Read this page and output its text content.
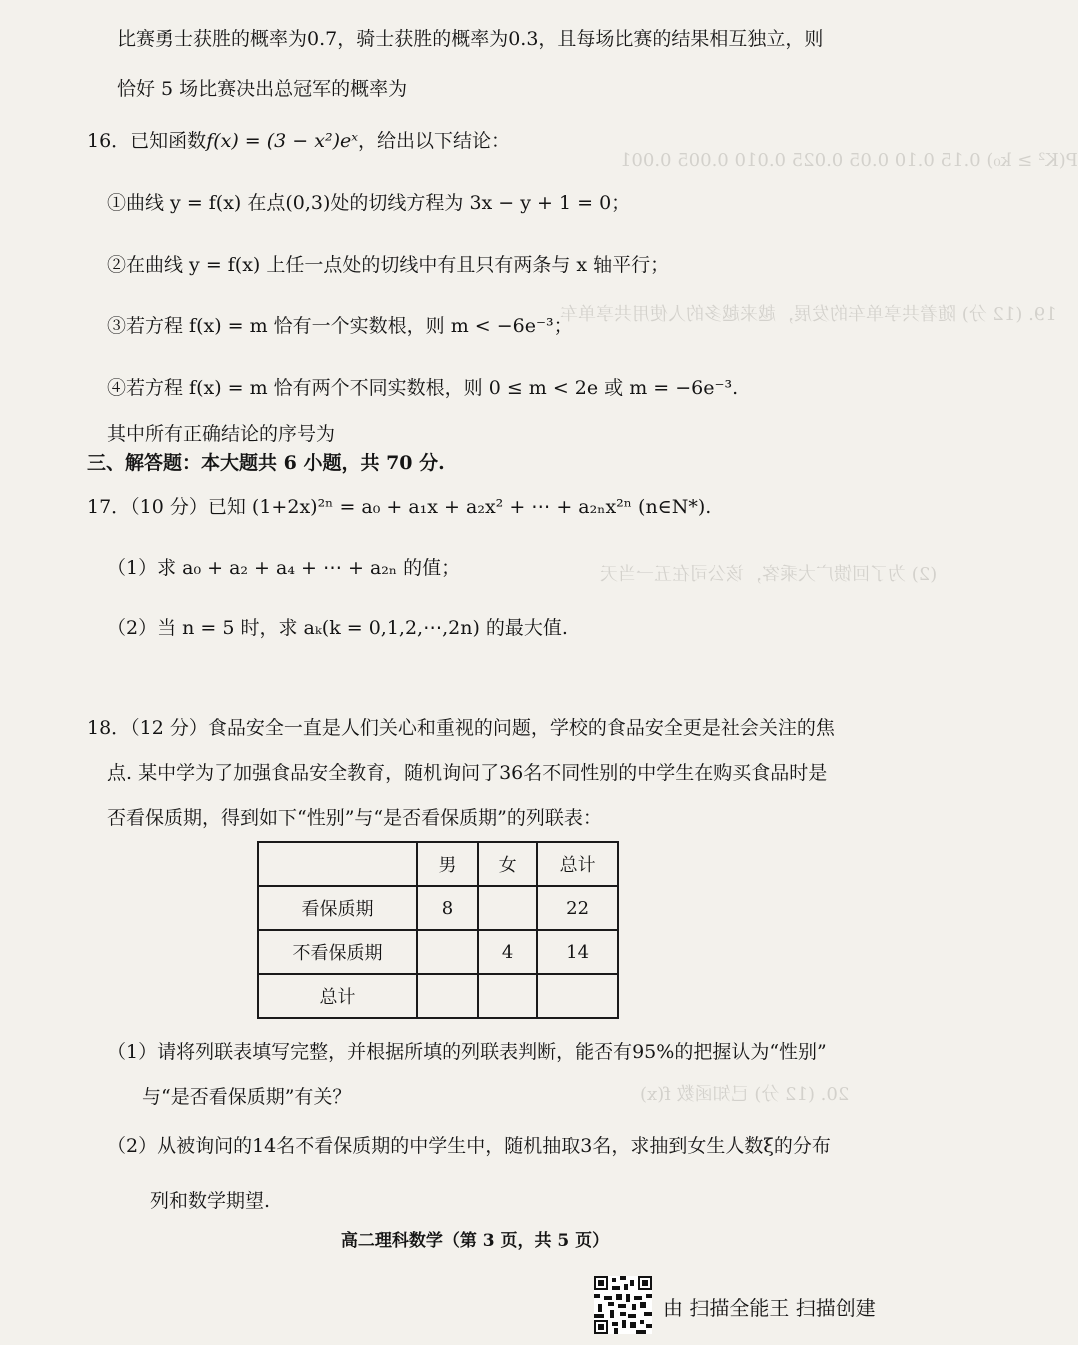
P(K² ≥ k₀) 0.15 0.10 0.05 0.025 0.010 0.005 0.001
19. (12 分) 随着共享单车的发展，越来越多的人使用共享单车
(2) 为了回馈广大乘客，该公司在五一当天
20. (12 分) 已知函数 f(x)
比赛勇士获胜的概率为0.7，骑士获胜的概率为0.3，且每场比赛的结果相互独立，则
恰好 5 场比赛决出总冠军的概率为
16．已知函数f(x) = (3 − x²)eˣ，给出以下结论：
①曲线 y = f(x) 在点(0,3)处的切线方程为 3x − y + 1 = 0；
②在曲线 y = f(x) 上任一点处的切线中有且只有两条与 x 轴平行；
③若方程 f(x) = m 恰有一个实数根，则 m < −6e⁻³；
④若方程 f(x) = m 恰有两个不同实数根，则 0 ≤ m < 2e 或 m = −6e⁻³.
其中所有正确结论的序号为
三、解答题：本大题共 6 小题，共 70 分.
17．（10 分）已知 (1+2x)²ⁿ = a₀ + a₁x + a₂x² + ⋯ + a₂ₙx²ⁿ (n∈N*).
（1）求 a₀ + a₂ + a₄ + ⋯ + a₂ₙ 的值；
（2）当 n = 5 时，求 aₖ(k = 0,1,2,⋯,2n) 的最大值.
18．（12 分）食品安全一直是人们关心和重视的问题，学校的食品安全更是社会关注的焦
点. 某中学为了加强食品安全教育，随机询问了36名不同性别的中学生在购买食品时是
否看保质期，得到如下“性别”与“是否看保质期”的列联表：
	男	女	总计
看保质期	8		22
不看保质期		4	14
总计			
（1）请将列联表填写完整，并根据所填的列联表判断，能否有95%的把握认为“性别”
与“是否看保质期”有关？
（2）从被询问的14名不看保质期的中学生中，随机抽取3名，求抽到女生人数ξ的分布
列和数学期望.
高二理科数学（第 3 页，共 5 页）
由 扫描全能王 扫描创建
